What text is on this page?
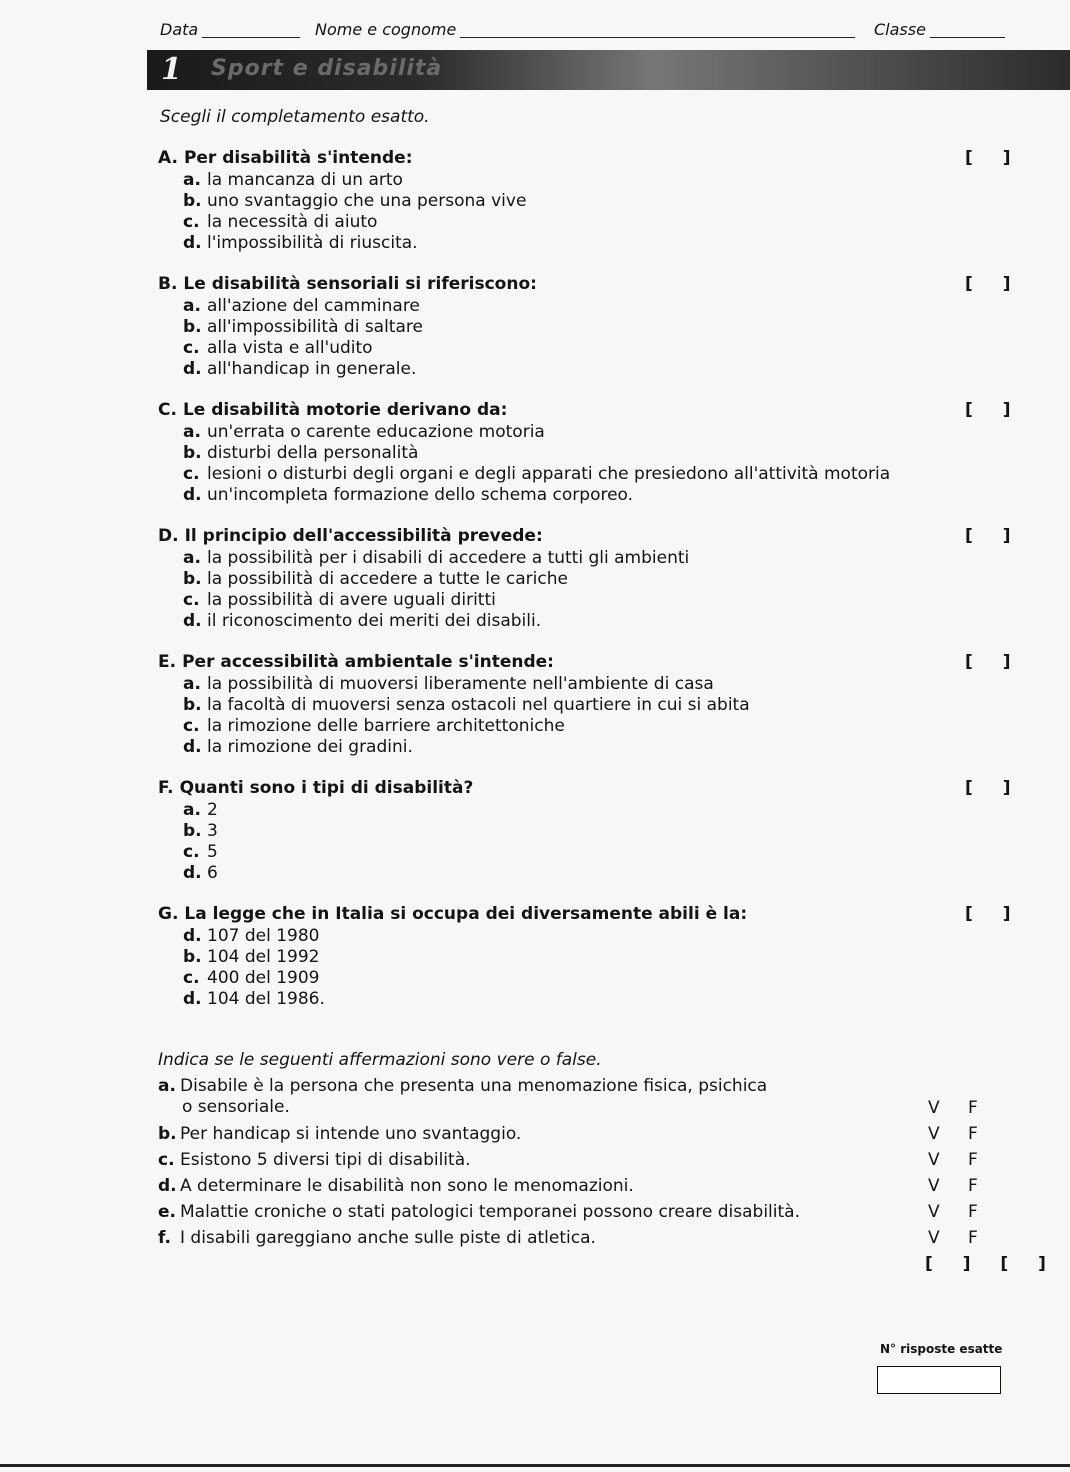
Data	Nome e cognome	Classe
1 Sport e disabilità
Scegli il completamento esatto.
A. Per disabilità s'intende:	[ ]
a. la mancanza di un arto
b. uno svantaggio che una persona vive
c. la necessità di aiuto
d. l'impossibilità di riuscita.
B. Le disabilità sensoriali si riferiscono:	[ ]
a. all'azione del camminare
b. all'impossibilità di saltare
c. alla vista e all'udito
d. all'handicap in generale.
C. Le disabilità motorie derivano da:	[ ]
a. un'errata o carente educazione motoria
b. disturbi della personalità
c. lesioni o disturbi degli organi e degli apparati che presiedono all'attività motoria
d. un'incompleta formazione dello schema corporeo.
D. Il principio dell'accessibilità prevede:	[ ]
a. la possibilità per i disabili di accedere a tutti gli ambienti
b. la possibilità di accedere a tutte le cariche
c. la possibilità di avere uguali diritti
d. il riconoscimento dei meriti dei disabili.
E. Per accessibilità ambientale s'intende:	[ ]
a. la possibilità di muoversi liberamente nell'ambiente di casa
b. la facoltà di muoversi senza ostacoli nel quartiere in cui si abita
c. la rimozione delle barriere architettoniche
d. la rimozione dei gradini.
F. Quanti sono i tipi di disabilità?	[ ]
a. 2
b. 3
c. 5
d. 6
G. La legge che in Italia si occupa dei diversamente abili è la:	[ ]
d. 107 del 1980
b. 104 del 1992
c. 400 del 1909
d. 104 del 1986.
Indica se le seguenti affermazioni sono vere o false.
a. Disabile è la persona che presenta una menomazione fisica, psichica
o sensoriale.	V F
b. Per handicap si intende uno svantaggio.	V F
c. Esistono 5 diversi tipi di disabilità.	V F
d. A determinare le disabilità non sono le menomazioni.	V F
e. Malattie croniche o stati patologici temporanei possono creare disabilità.	V F
f. I disabili gareggiano anche sulle piste di atletica.	V F
[ ] [ ]
N° risposte esatte
